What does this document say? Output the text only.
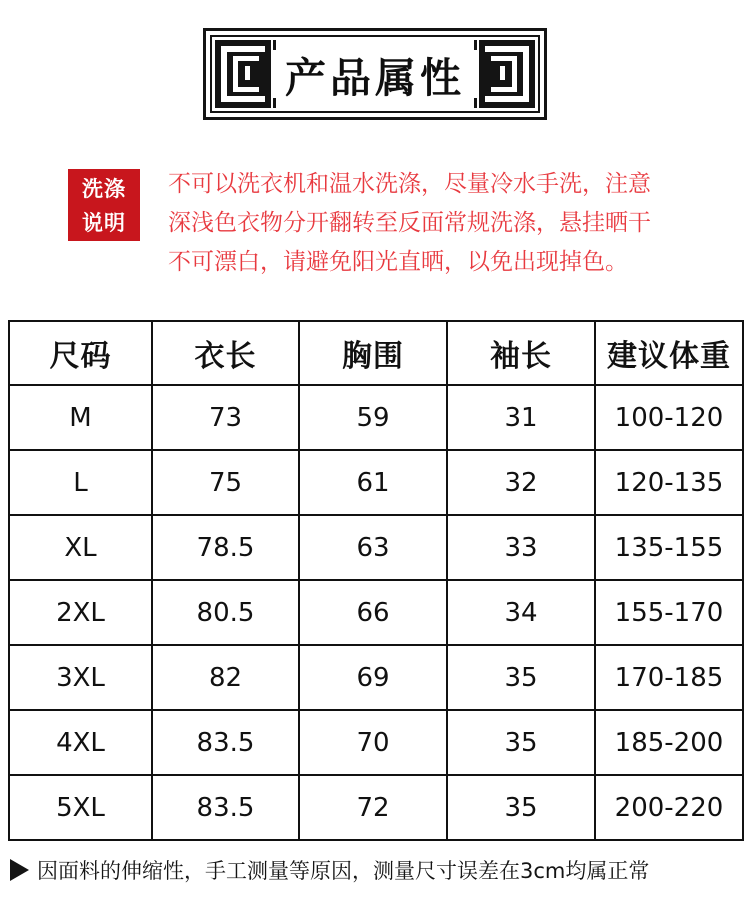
产品属性
洗涤
说明
不可以洗衣机和温水洗涤，尽量冷水手洗，注意
深浅色衣物分开翻转至反面常规洗涤，悬挂晒干
不可漂白，请避免阳光直晒，以免出现掉色。
尺码	衣长	胸围	袖长	建议体重
M	73	59	31	100-120
L	75	61	32	120-135
XL	78.5	63	33	135-155
2XL	80.5	66	34	155-170
3XL	82	69	35	170-185
4XL	83.5	70	35	185-200
5XL	83.5	72	35	200-220
因面料的伸缩性，手工测量等原因，测量尺寸误差在3cm均属正常
